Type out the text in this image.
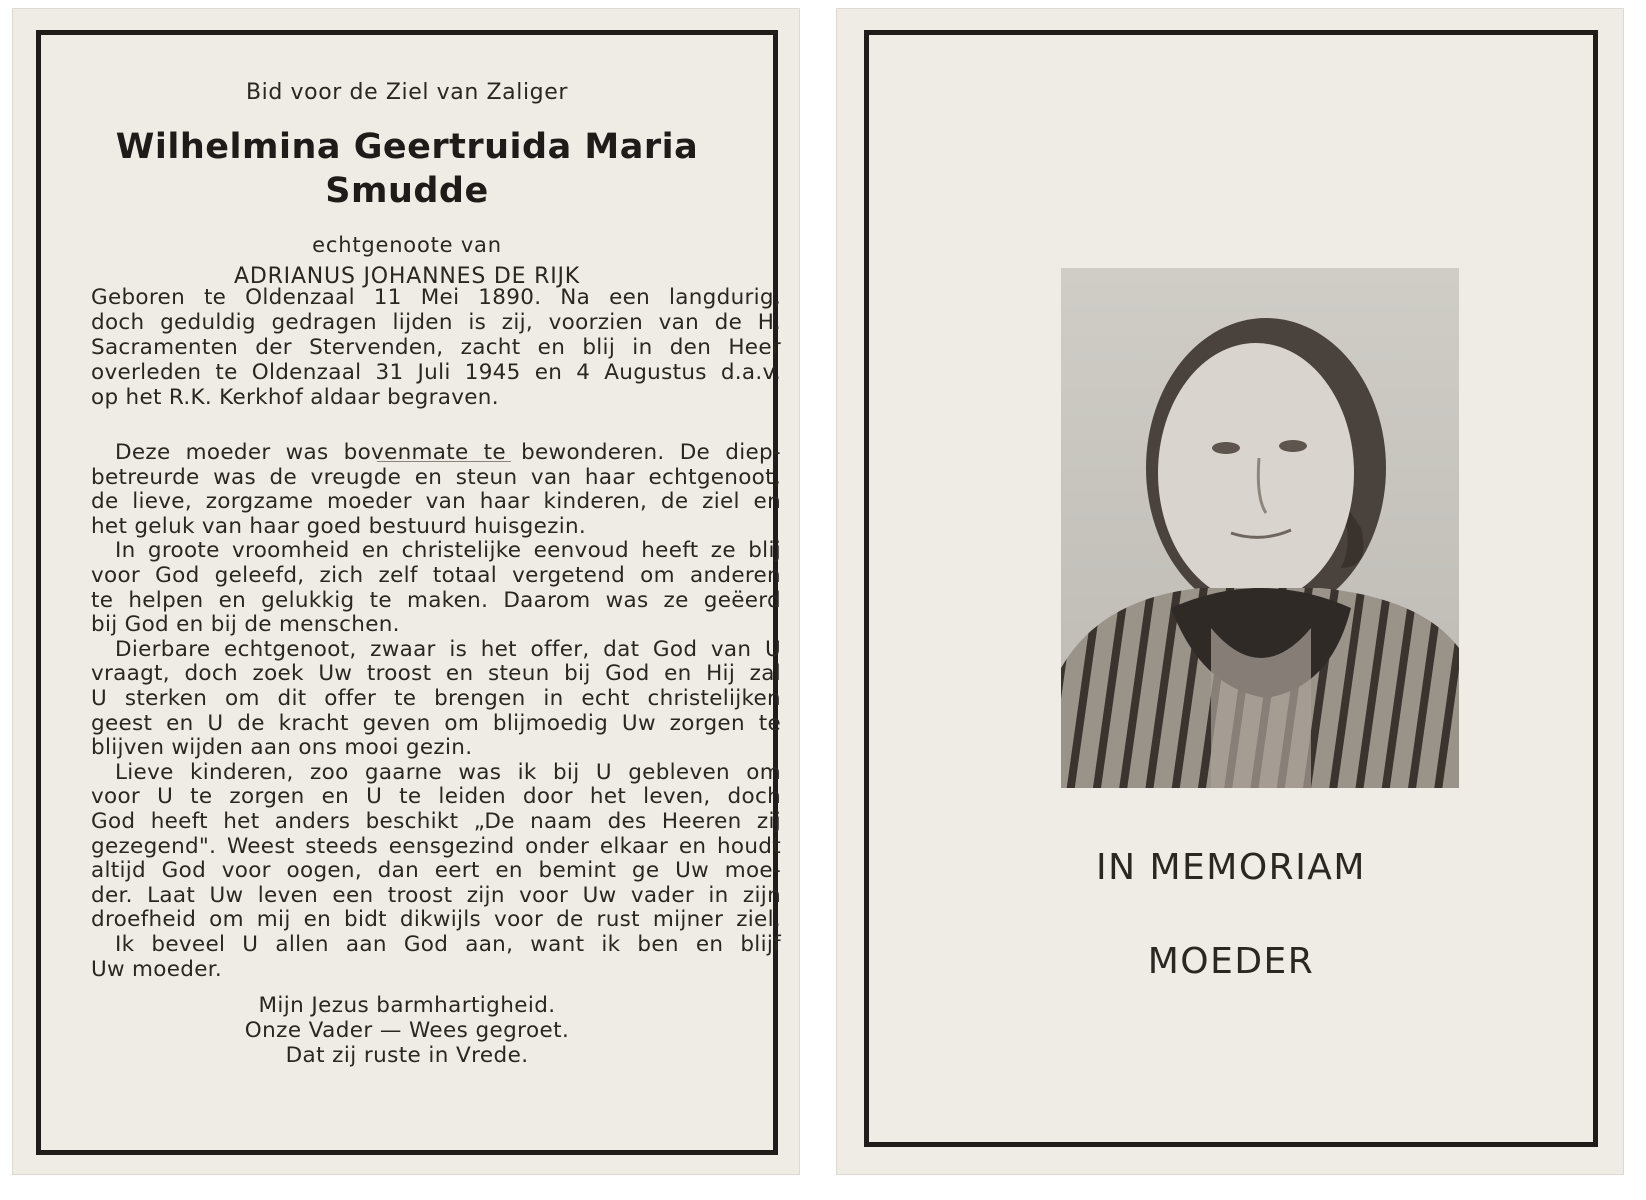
Bid voor de Ziel van Zaliger
Wilhelmina Geertruida Maria
Smudde
echtgenoote van
ADRIANUS JOHANNES DE RIJK
Geboren te Oldenzaal 11 Mei 1890. Na een langdurig,
doch geduldig gedragen lijden is zij, voorzien van de H.
Sacramenten der Stervenden, zacht en blij in den Heer
overleden te Oldenzaal 31 Juli 1945 en 4 Augustus d.a.v.
op het R.K. Kerkhof aldaar begraven.
Deze moeder was bovenmate te bewonderen. De diep-
betreurde was de vreugde en steun van haar echtgenoot,
de lieve, zorgzame moeder van haar kinderen, de ziel en
het geluk van haar goed bestuurd huisgezin.
In groote vroomheid en christelijke eenvoud heeft ze blij
voor God geleefd, zich zelf totaal vergetend om anderen
te helpen en gelukkig te maken. Daarom was ze geëerd
bij God en bij de menschen.
Dierbare echtgenoot, zwaar is het offer, dat God van U
vraagt, doch zoek Uw troost en steun bij God en Hij zal
U sterken om dit offer te brengen in echt christelijken
geest en U de kracht geven om blijmoedig Uw zorgen te
blijven wijden aan ons mooi gezin.
Lieve kinderen, zoo gaarne was ik bij U gebleven om
voor U te zorgen en U te leiden door het leven, doch
God heeft het anders beschikt „De naam des Heeren zij
gezegend". Weest steeds eensgezind onder elkaar en houdt
altijd God voor oogen, dan eert en bemint ge Uw moe-
der. Laat Uw leven een troost zijn voor Uw vader in zijn
droefheid om mij en bidt dikwijls voor de rust mijner ziel.
Ik beveel U allen aan God aan, want ik ben en blijf
Uw moeder.
Mijn Jezus barmhartigheid.
Onze Vader — Wees gegroet.
Dat zij ruste in Vrede.
IN MEMORIAM
MOEDER
